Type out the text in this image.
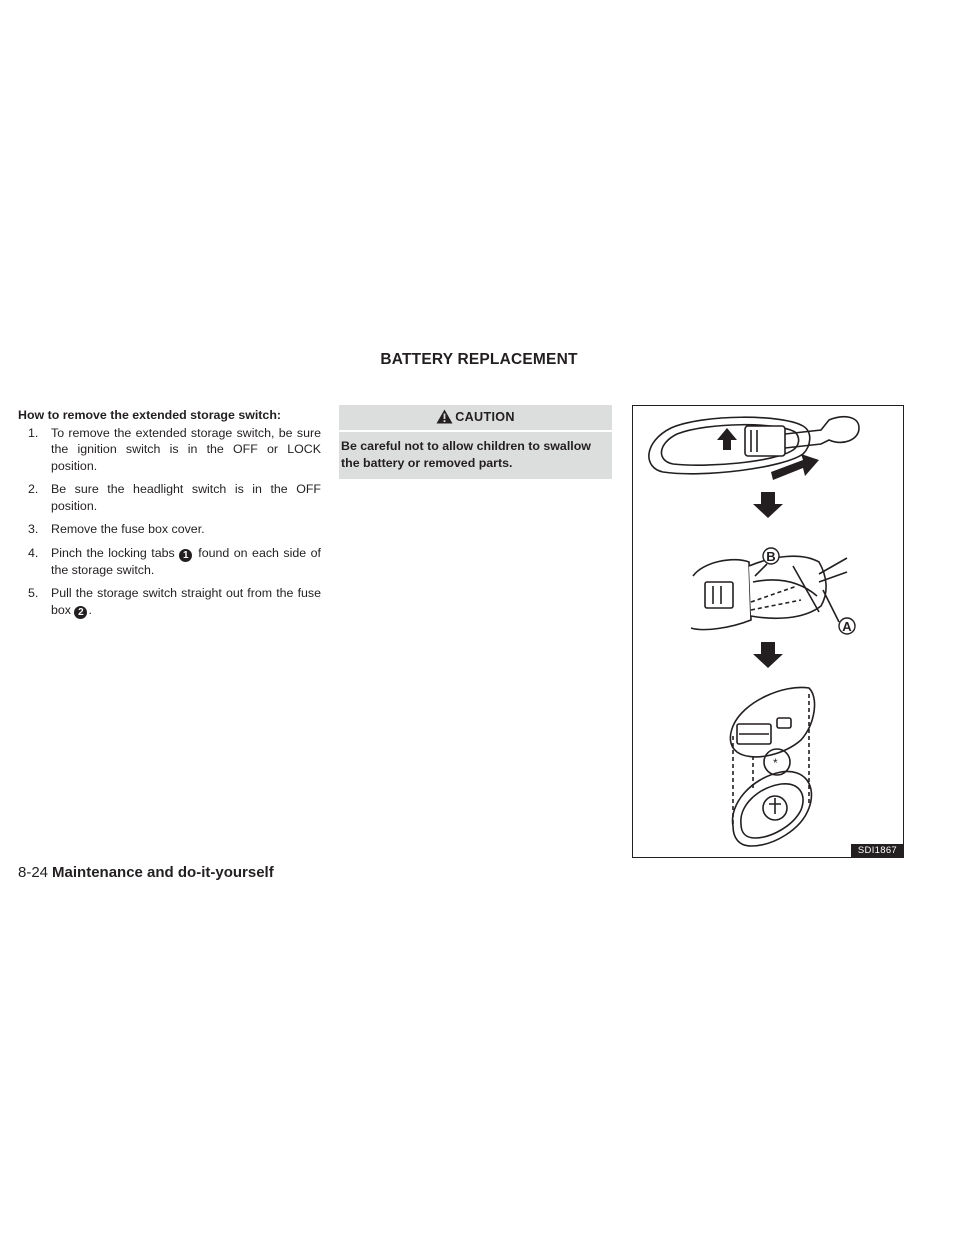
BATTERY REPLACEMENT
How to remove the extended storage switch:
1. To remove the extended storage switch, be sure the ignition switch is in the OFF or LOCK position.
2. Be sure the headlight switch is in the OFF position.
3. Remove the fuse box cover.
4. Pinch the locking tabs 1 found on each side of the storage switch.
5. Pull the storage switch straight out from the fuse box 2 .
CAUTION
Be careful not to allow children to swallow the battery or removed parts.
B
A
*
SDI1867
8-24 Maintenance and do-it-yourself
